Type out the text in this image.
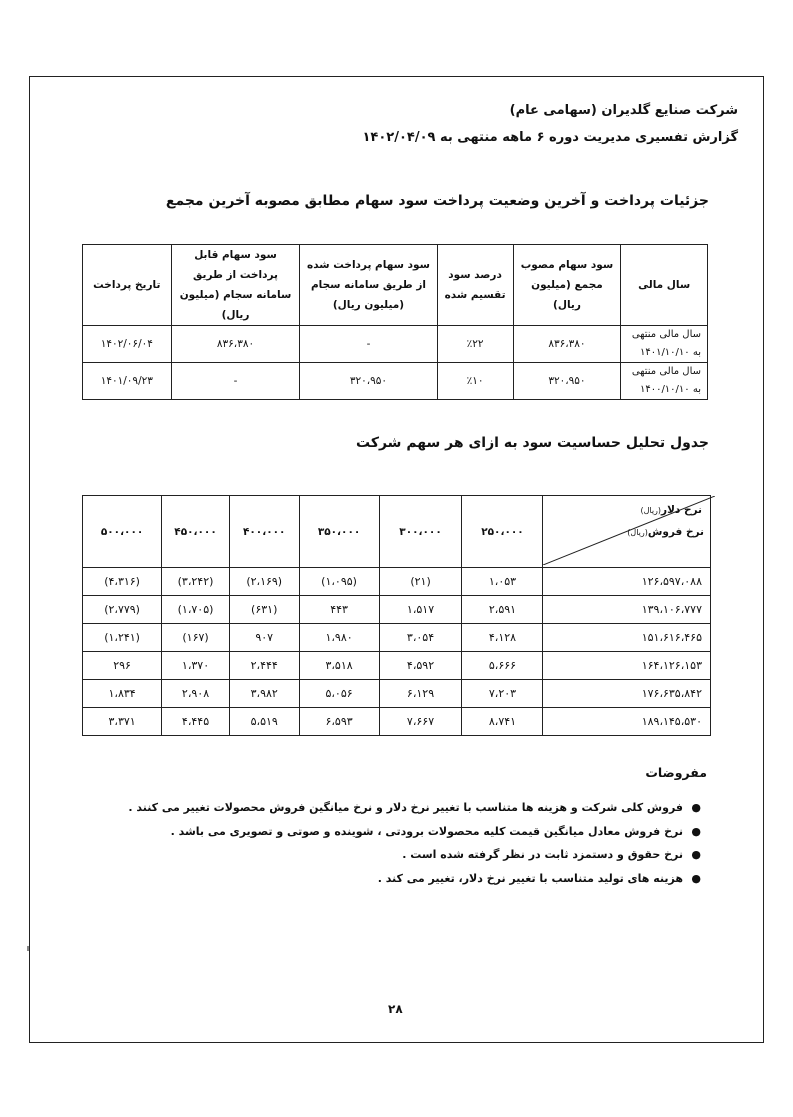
شرکت صنایع گلدیران (سهامی عام)
گزارش تفسیری مدیریت دوره ۶ ماهه منتهی به ۱۴۰۲/۰۴/۰۹
جزئیات پرداخت و آخرین وضعیت پرداخت سود سهام مطابق مصوبه آخرین مجمع
سال مالی	سود سهام مصوب مجمع (میلیون ریال)	درصد سود تقسیم شده	سود سهام پرداخت شده از طریق سامانه سجام (میلیون ریال)	سود سهام قابل پرداخت از طریق سامانه سجام (میلیون ریال)	تاریخ پرداخت
سال مالی منتهی به ۱۴۰۱/۱۰/۱۰	۸۳۶،۳۸۰	٪۲۲	-	۸۳۶،۳۸۰	۱۴۰۲/۰۶/۰۴
سال مالی منتهی به ۱۴۰۰/۱۰/۱۰	۳۲۰،۹۵۰	٪۱۰	۳۲۰،۹۵۰	-	۱۴۰۱/۰۹/۲۳
جدول تحلیل حساسیت سود به ازای هر سهم شرکت
نرخ دلار(ریال)
نرخ فروش(ریال)	۲۵۰،۰۰۰	۳۰۰،۰۰۰	۳۵۰،۰۰۰	۴۰۰،۰۰۰	۴۵۰،۰۰۰	۵۰۰،۰۰۰
۱۲۶،۵۹۷،۰۸۸	۱،۰۵۳	(۲۱)	(۱،۰۹۵)	(۲،۱۶۹)	(۳،۲۴۲)	(۴،۳۱۶)
۱۳۹،۱۰۶،۷۷۷	۲،۵۹۱	۱،۵۱۷	۴۴۳	(۶۳۱)	(۱،۷۰۵)	(۲،۷۷۹)
۱۵۱،۶۱۶،۴۶۵	۴،۱۲۸	۳،۰۵۴	۱،۹۸۰	۹۰۷	(۱۶۷)	(۱،۲۴۱)
۱۶۴،۱۲۶،۱۵۳	۵،۶۶۶	۴،۵۹۲	۳،۵۱۸	۲،۴۴۴	۱،۳۷۰	۲۹۶
۱۷۶،۶۳۵،۸۴۲	۷،۲۰۳	۶،۱۲۹	۵،۰۵۶	۳،۹۸۲	۲،۹۰۸	۱،۸۳۴
۱۸۹،۱۴۵،۵۳۰	۸،۷۴۱	۷،۶۶۷	۶،۵۹۳	۵،۵۱۹	۴،۴۴۵	۳،۳۷۱
مفروضات
●
فروش کلی شرکت و هزینه ها متناسب با تغییر نرخ دلار و نرخ میانگین فروش محصولات تغییر می کنند .
●
نرخ فروش معادل میانگین قیمت کلیه محصولات برودتی ، شوینده و صوتی و تصویری می باشد .
●
نرخ حقوق و دستمزد ثابت در نظر گرفته شده است .
●
هزینه های تولید متناسب با تغییر نرخ دلار، تغییر می کند .
۲۸
